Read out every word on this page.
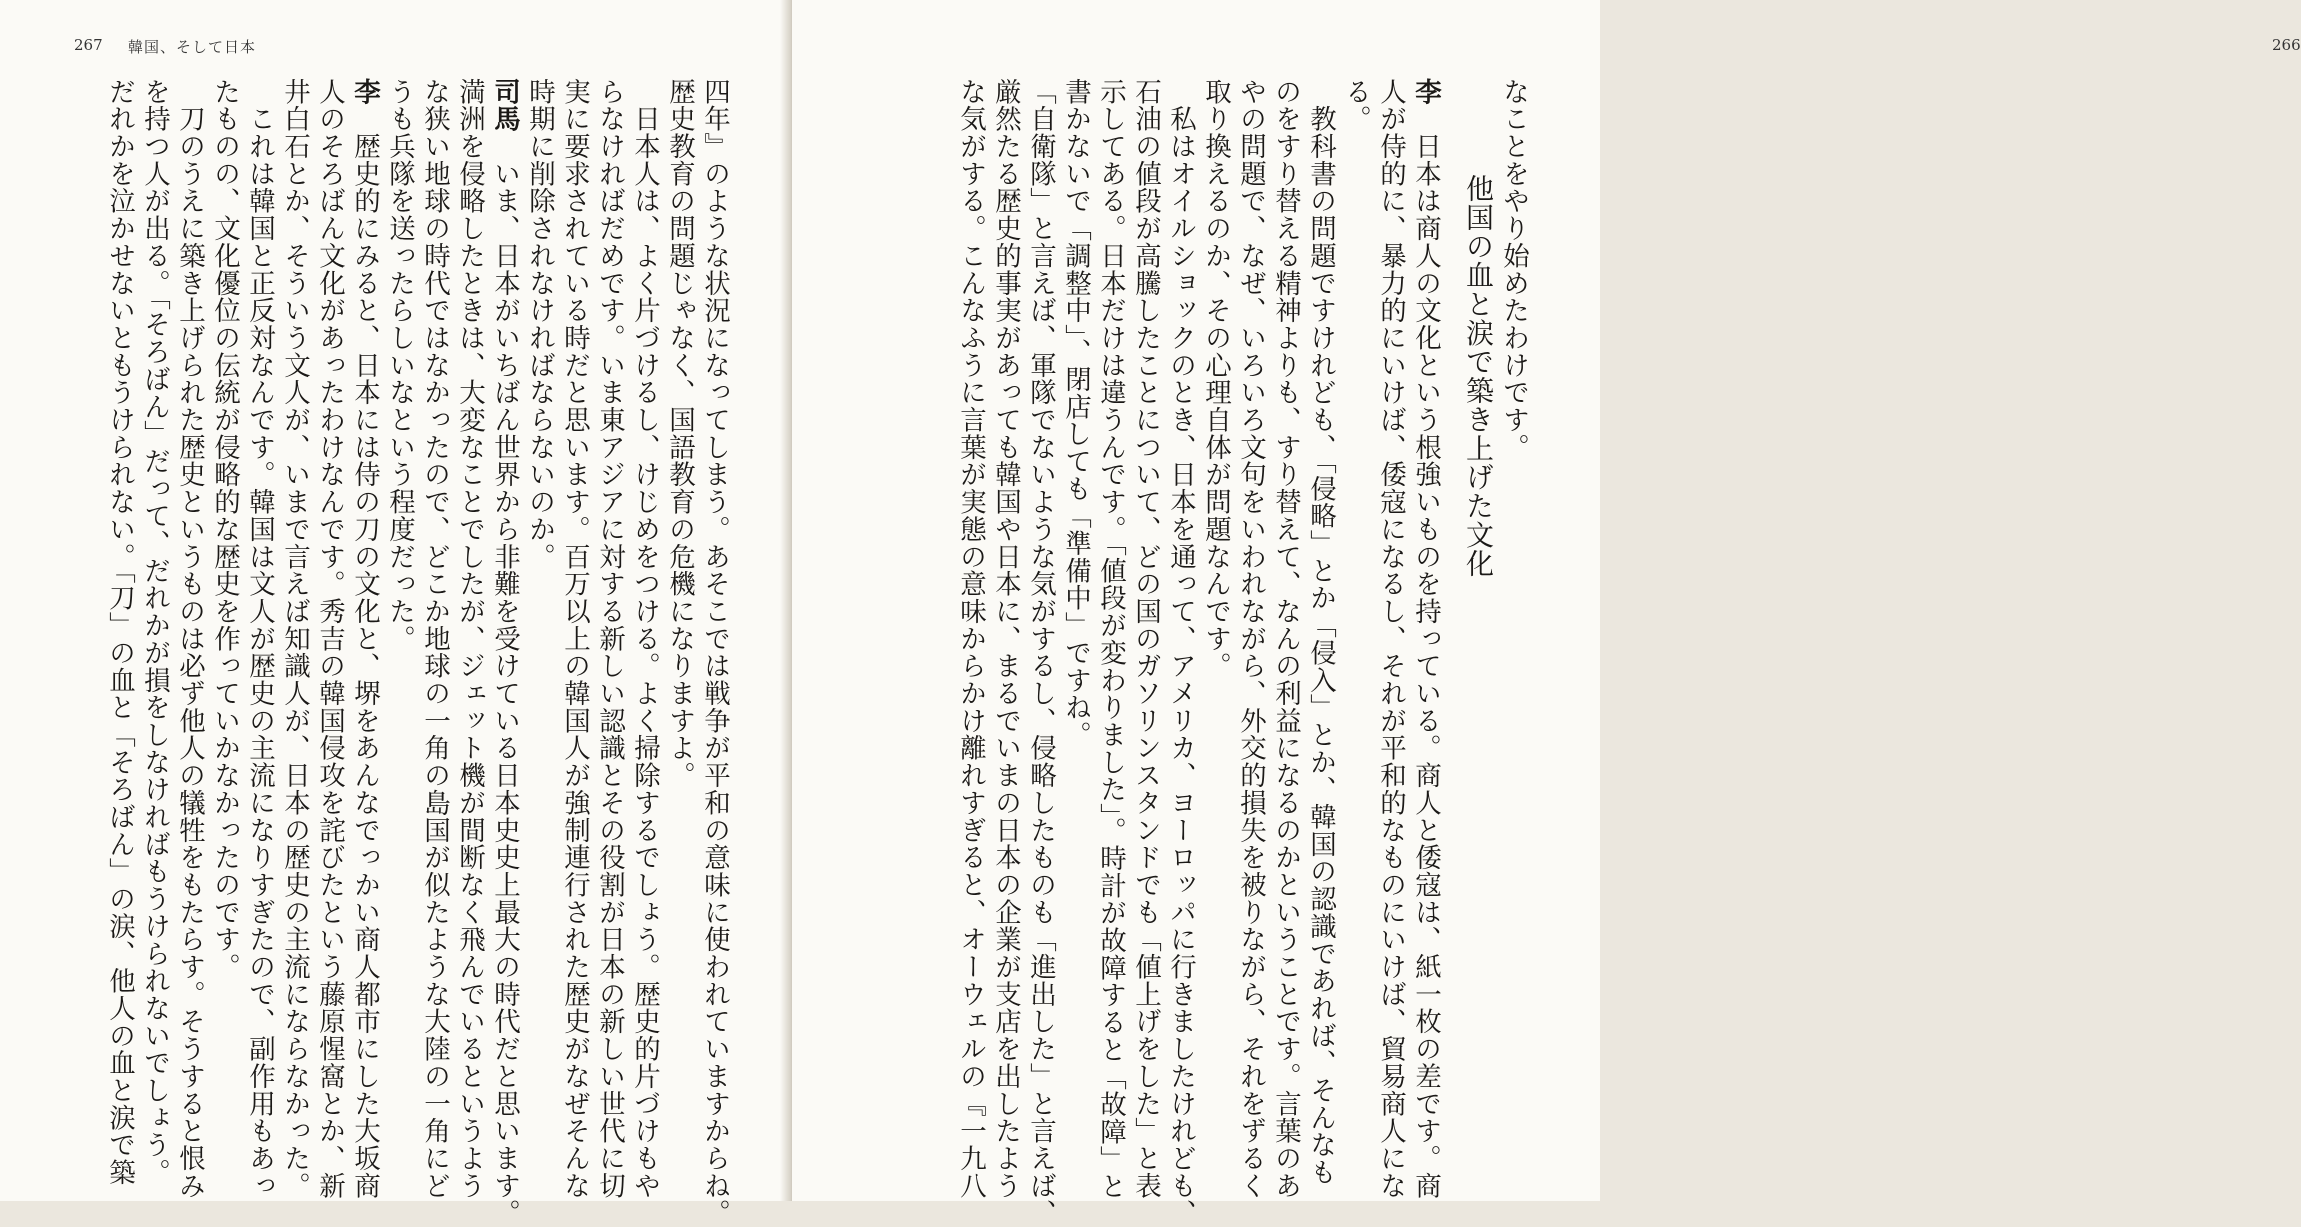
267 韓国、そして日本
四年』のような状況になってしまう。あそこでは戦争が平和の意味に使われていますからね。
歴史教育の問題じゃなく、国語教育の危機になりますよ。
　日本人は、よく片づけるし、けじめをつける。よく掃除するでしょう。歴史的片づけもや
らなければだめです。いま東アジアに対する新しい認識とその役割が日本の新しい世代に切
実に要求されている時だと思います。百万以上の韓国人が強制連行された歴史がなぜそんな
時期に削除されなければならないのか。
司馬　いま、日本がいちばん世界から非難を受けている日本史史上最大の時代だと思います。
満洲を侵略したときは、大変なことでしたが、ジェット機が間断なく飛んでいるというよう
な狭い地球の時代ではなかったので、どこか地球の一角の島国が似たような大陸の一角にど
うも兵隊を送ったらしいなという程度だった。
李　歴史的にみると、日本には侍の刀の文化と、堺をあんなでっかい商人都市にした大坂商
人のそろばん文化があったわけなんです。秀吉の韓国侵攻を詫びたという藤原惺窩とか、新
井白石とか、そういう文人が、いまで言えば知識人が、日本の歴史の主流にならなかった。
　これは韓国と正反対なんです。韓国は文人が歴史の主流になりすぎたので、副作用もあっ
たものの、文化優位の伝統が侵略的な歴史を作っていかなかったのです。
　刀のうえに築き上げられた歴史というものは必ず他人の犠牲をもたらす。そうすると恨み
を持つ人が出る。「そろばん」だって、だれかが損をしなければもうけられないでしょう。
だれかを泣かせないともうけられない。「刀」の血と「そろばん」の涙、他人の血と涙で築
266
なことをやり始めたわけです。
他国の血と涙で築き上げた文化
李　日本は商人の文化という根強いものを持っている。商人と倭寇は、紙一枚の差です。商
人が侍的に、暴力的にいけば、倭寇になるし、それが平和的なものにいけば、貿易商人にな
る。
　教科書の問題ですけれども、「侵略」とか「侵入」とか、韓国の認識であれば、そんなも
のをすり替える精神よりも、すり替えて、なんの利益になるのかということです。言葉のあ
やの問題で、なぜ、いろいろ文句をいわれながら、外交的損失を被りながら、それをずるく
取り換えるのか、その心理自体が問題なんです。
　私はオイルショックのとき、日本を通って、アメリカ、ヨーロッパに行きましたけれども、
石油の値段が高騰したことについて、どの国のガソリンスタンドでも「値上げをした」と表
示してある。日本だけは違うんです。「値段が変わりました」。時計が故障すると「故障」と
書かないで「調整中」、閉店しても「準備中」ですね。
「自衛隊」と言えば、軍隊でないような気がするし、侵略したものも「進出した」と言えば、
厳然たる歴史的事実があっても韓国や日本に、まるでいまの日本の企業が支店を出したよう
な気がする。こんなふうに言葉が実態の意味からかけ離れすぎると、オーウェルの『一九八
